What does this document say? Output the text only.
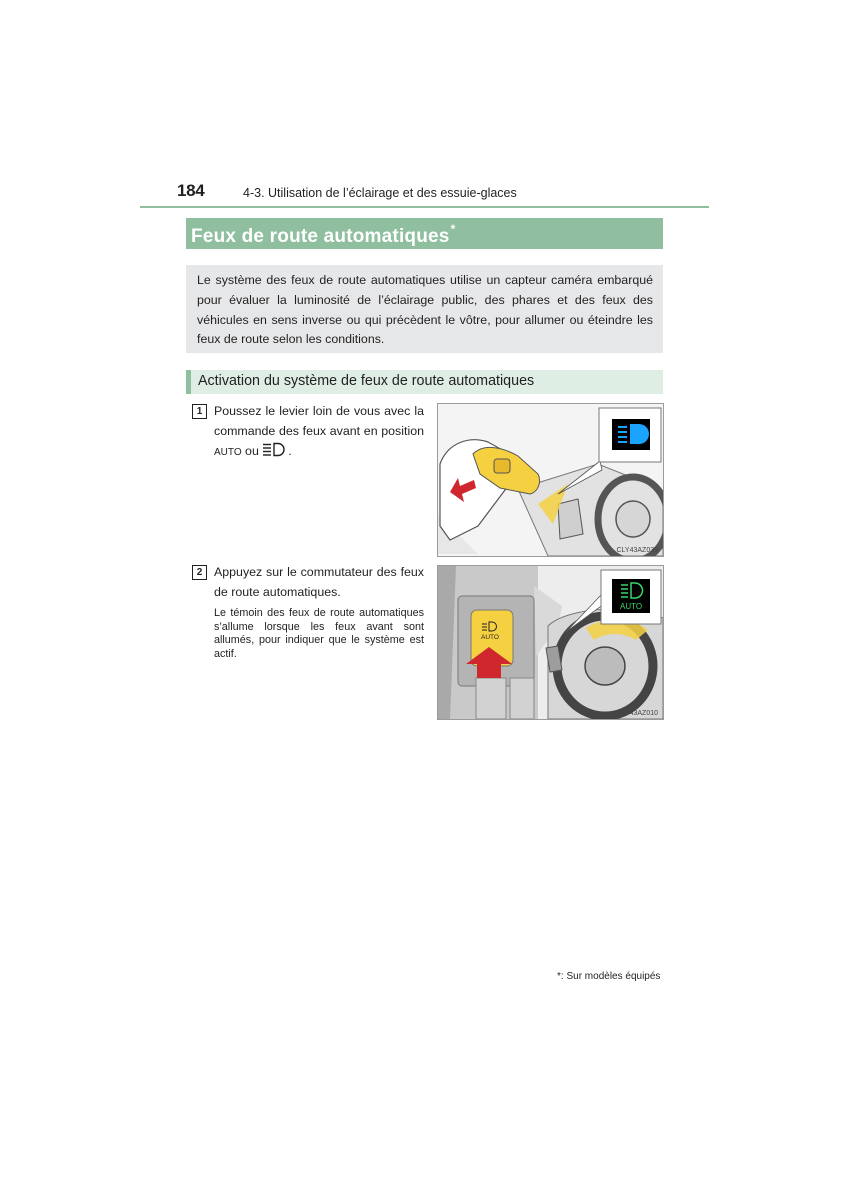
184	4-3. Utilisation de l’éclairage et des essuie-glaces
Feux de route automatiques*
Le système des feux de route automatiques utilise un capteur caméra embarqué pour évaluer la luminosité de l’éclairage public, des phares et des feux des véhicules en sens inverse ou qui précèdent le vôtre, pour allumer ou éteindre les feux de route selon les conditions.
Activation du système de feux de route automatiques
1 Poussez le levier loin de vous avec la commande des feux avant en position AUTO ou .
CLY43AZ039
2 Appuyez sur le commutateur des feux de route automatiques.
Le témoin des feux de route automatiques s’allume lorsque les feux avant sont allumés, pour indiquer que le système est actif.
AUTO
AUTO
CLY43AZ010
*: Sur modèles équipés
